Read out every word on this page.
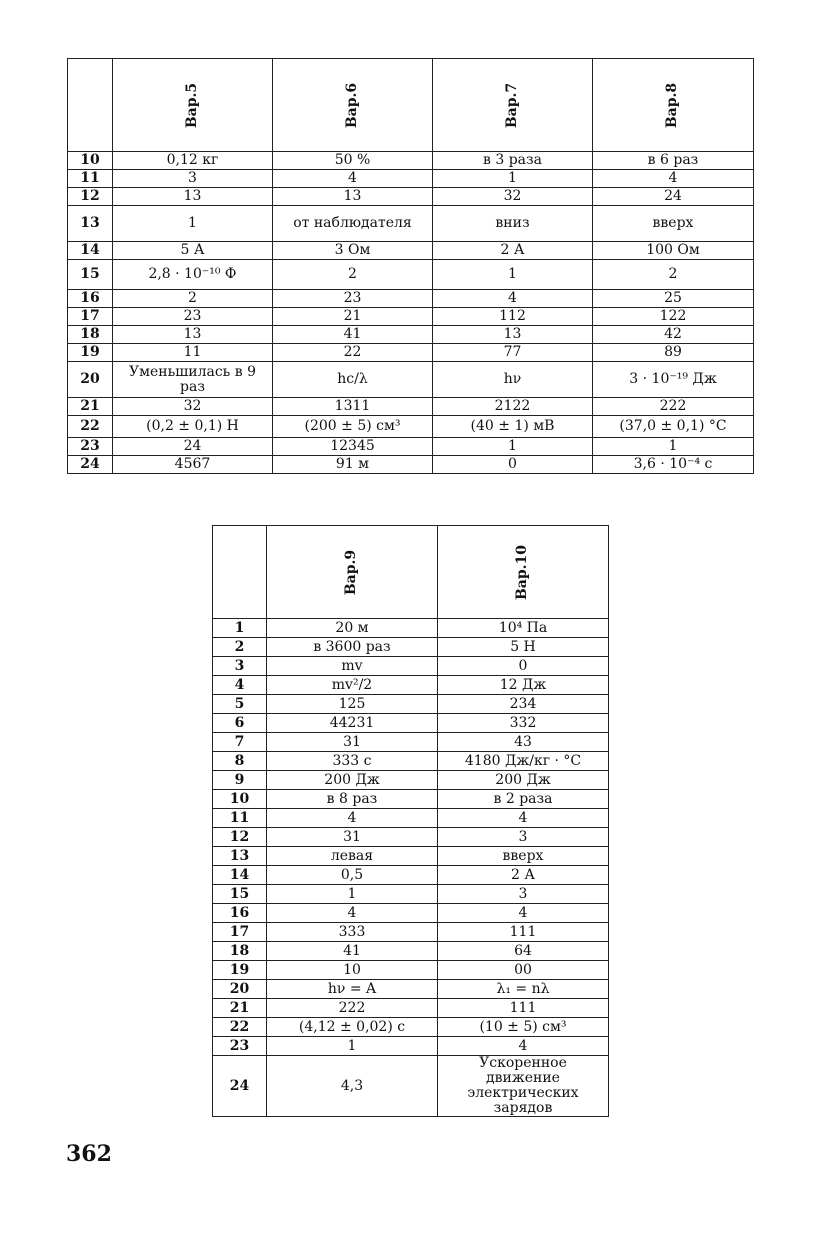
	Вар.5	Вар.6	Вар.7	Вар.8
10	0,12 кг	50 %	в 3 раза	в 6 раз
11	3	4	1	4
12	13	13	32	24
13	1	от наблюдателя	вниз	вверх
14	5 А	3 Ом	2 А	100 Ом
15	2,8 · 10⁻¹⁰ Ф	2	1	2
16	2	23	4	25
17	23	21	112	122
18	13	41	13	42
19	11	22	77	89
20	Уменьшилась в 9 раз	hc/λ	hν	3 · 10⁻¹⁹ Дж
21	32	1311	2122	222
22	(0,2 ± 0,1) Н	(200 ± 5) см³	(40 ± 1) мВ	(37,0 ± 0,1) °С
23	24	12345	1	1
24	4567	91 м	0	3,6 · 10⁻⁴ с
	Вар.9	Вар.10
1	20 м	10⁴ Па
2	в 3600 раз	5 Н
3	mv	0
4	mv²/2	12 Дж
5	125	234
6	44231	332
7	31	43
8	333 с	4180 Дж/кг · °С
9	200 Дж	200 Дж
10	в 8 раз	в 2 раза
11	4	4
12	31	3
13	левая	вверх
14	0,5	2 А
15	1	3
16	4	4
17	333	111
18	41	64
19	10	00
20	hν = A	λ₁ = nλ
21	222	111
22	(4,12 ± 0,02) с	(10 ± 5) см³
23	1	4
24	4,3	Ускоренное движение электрических зарядов
362
